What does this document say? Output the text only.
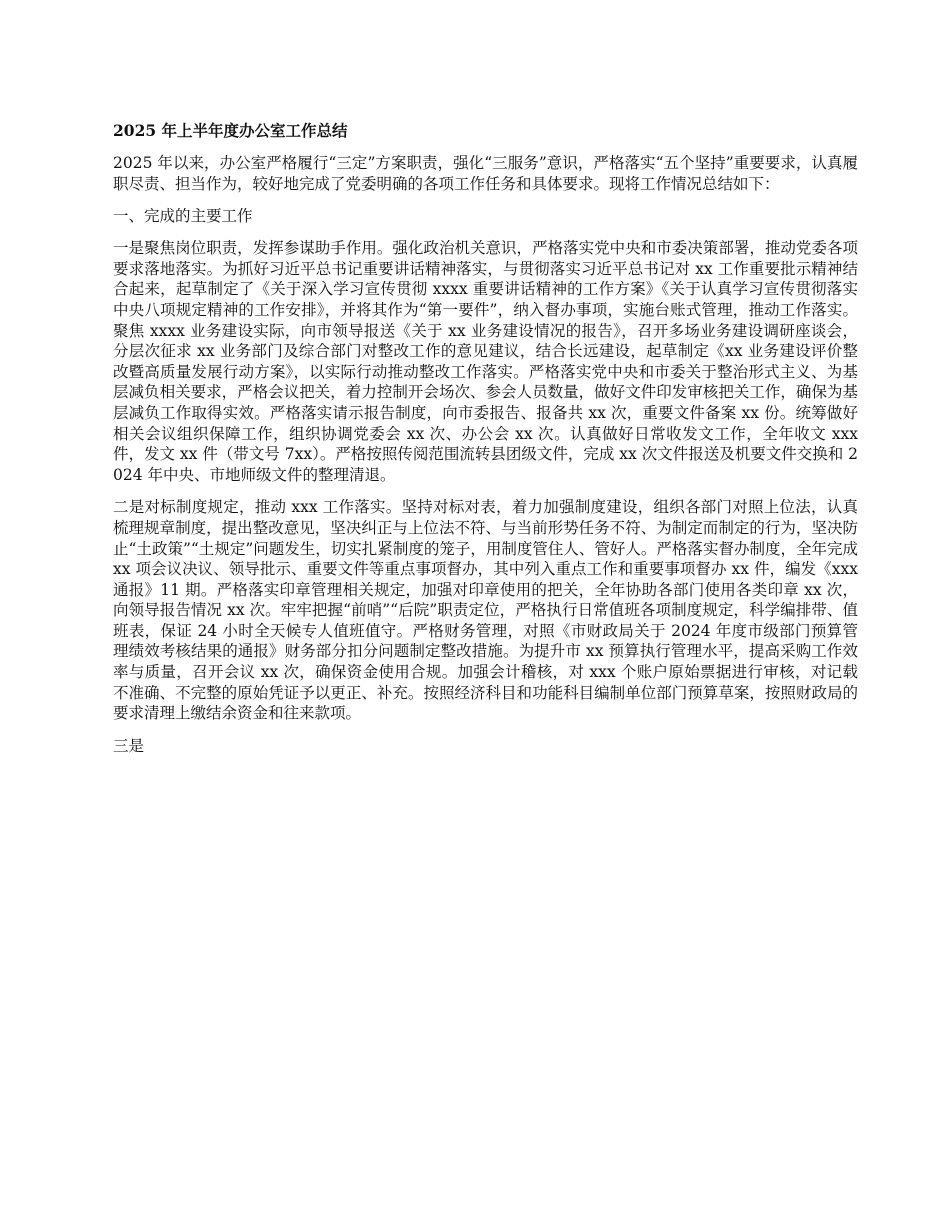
2025 年上半年度办公室工作总结

2025 年以来，办公室严格履行“三定”方案职责，强化“三服务”意识，严格落实“五个坚持”重要要求，认真履职尽责、担当作为，较好地完成了党委明确的各项工作任务和具体要求。现将工作情况总结如下：

一、完成的主要工作

一是聚焦岗位职责，发挥参谋助手作用。强化政治机关意识，严格落实党中央和市委决策部署，推动党委各项要求落地落实。为抓好习近平总书记重要讲话精神落实，与贯彻落实习近平总书记对 xx 工作重要批示精神结合起来，起草制定了《关于深入学习宣传贯彻 xxxx 重要讲话精神的工作方案》《关于认真学习宣传贯彻落实中央八项规定精神的工作安排》，并将其作为“第一要件”，纳入督办事项，实施台账式管理，推动工作落实。聚焦 xxxx 业务建设实际，向市领导报送《关于 xx 业务建设情况的报告》，召开多场业务建设调研座谈会，分层次征求 xx 业务部门及综合部门对整改工作的意见建议，结合长远建设，起草制定《xx 业务建设评价整改暨高质量发展行动方案》，以实际行动推动整改工作落实。严格落实党中央和市委关于整治形式主义、为基层减负相关要求，严格会议把关，着力控制开会场次、参会人员数量，做好文件印发审核把关工作，确保为基层减负工作取得实效。严格落实请示报告制度，向市委报告、报备共 xx 次，重要文件备案 xx 份。统筹做好相关会议组织保障工作，组织协调党委会 xx 次、办公会 xx 次。认真做好日常收发文工作，全年收文 xxx 件，发文 xx 件（带文号 7xx）。严格按照传阅范围流转县团级文件，完成 xx 次文件报送及机要文件交换和 2024 年中央、市地师级文件的整理清退。

二是对标制度规定，推动 xxx 工作落实。坚持对标对表，着力加强制度建设，组织各部门对照上位法，认真梳理规章制度，提出整改意见，坚决纠正与上位法不符、与当前形势任务不符、为制定而制定的行为，坚决防止“土政策”“土规定”问题发生，切实扎紧制度的笼子，用制度管住人、管好人。严格落实督办制度，全年完成 xx 项会议决议、领导批示、重要文件等重点事项督办，其中列入重点工作和重要事项督办 xx 件，编发《xxx 通报》11 期。严格落实印章管理相关规定，加强对印章使用的把关，全年协助各部门使用各类印章 xx 次，向领导报告情况 xx 次。牢牢把握“前哨”“后院”职责定位，严格执行日常值班各项制度规定，科学编排带、值班表，保证 24 小时全天候专人值班值守。严格财务管理，对照《市财政局关于 2024 年度市级部门预算管理绩效考核结果的通报》财务部分扣分问题制定整改措施。为提升市 xx 预算执行管理水平，提高采购工作效率与质量，召开会议 xx 次，确保资金使用合规。加强会计稽核，对 xxx 个账户原始票据进行审核，对记载不准确、不完整的原始凭证予以更正、补充。按照经济科目和功能科目编制单位部门预算草案，按照财政局的要求清理上缴结余资金和往来款项。

三是
